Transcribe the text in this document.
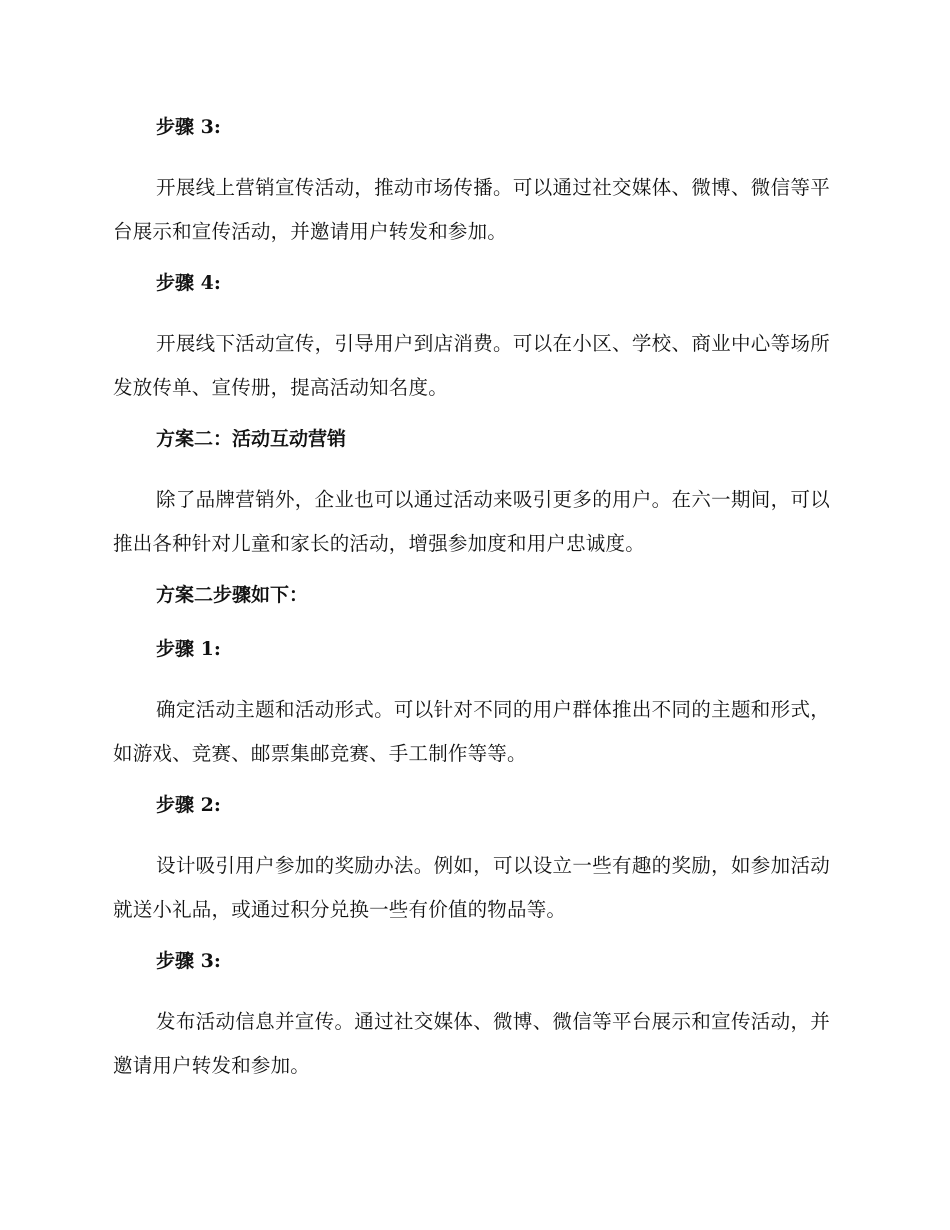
步骤 3:
开展线上营销宣传活动，推动市场传播。可以通过社交媒体、微博、微信等平台展示和宣传活动，并邀请用户转发和参加。
步骤 4:
开展线下活动宣传，引导用户到店消费。可以在小区、学校、商业中心等场所发放传单、宣传册，提高活动知名度。
方案二：活动互动营销
除了品牌营销外，企业也可以通过活动来吸引更多的用户。在六一期间，可以推出各种针对儿童和家长的活动，增强参加度和用户忠诚度。
方案二步骤如下：
步骤 1:
确定活动主题和活动形式。可以针对不同的用户群体推出不同的主题和形式，如游戏、竞赛、邮票集邮竞赛、手工制作等等。
步骤 2:
设计吸引用户参加的奖励办法。例如，可以设立一些有趣的奖励，如参加活动就送小礼品，或通过积分兑换一些有价值的物品等。
步骤 3:
发布活动信息并宣传。通过社交媒体、微博、微信等平台展示和宣传活动，并邀请用户转发和参加。
